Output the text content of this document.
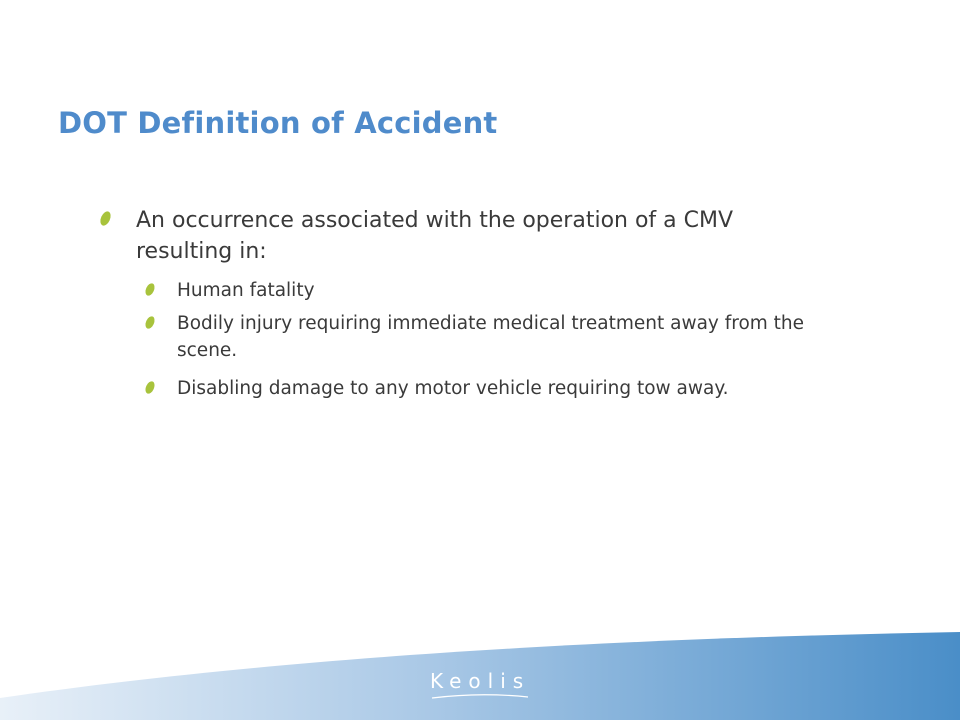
DOT Definition of Accident
An occurrence associated with the operation of a CMV resulting in:
Human fatality
Bodily injury requiring immediate medical treatment away from the scene.
Disabling damage to any motor vehicle requiring tow away.
Keolis
